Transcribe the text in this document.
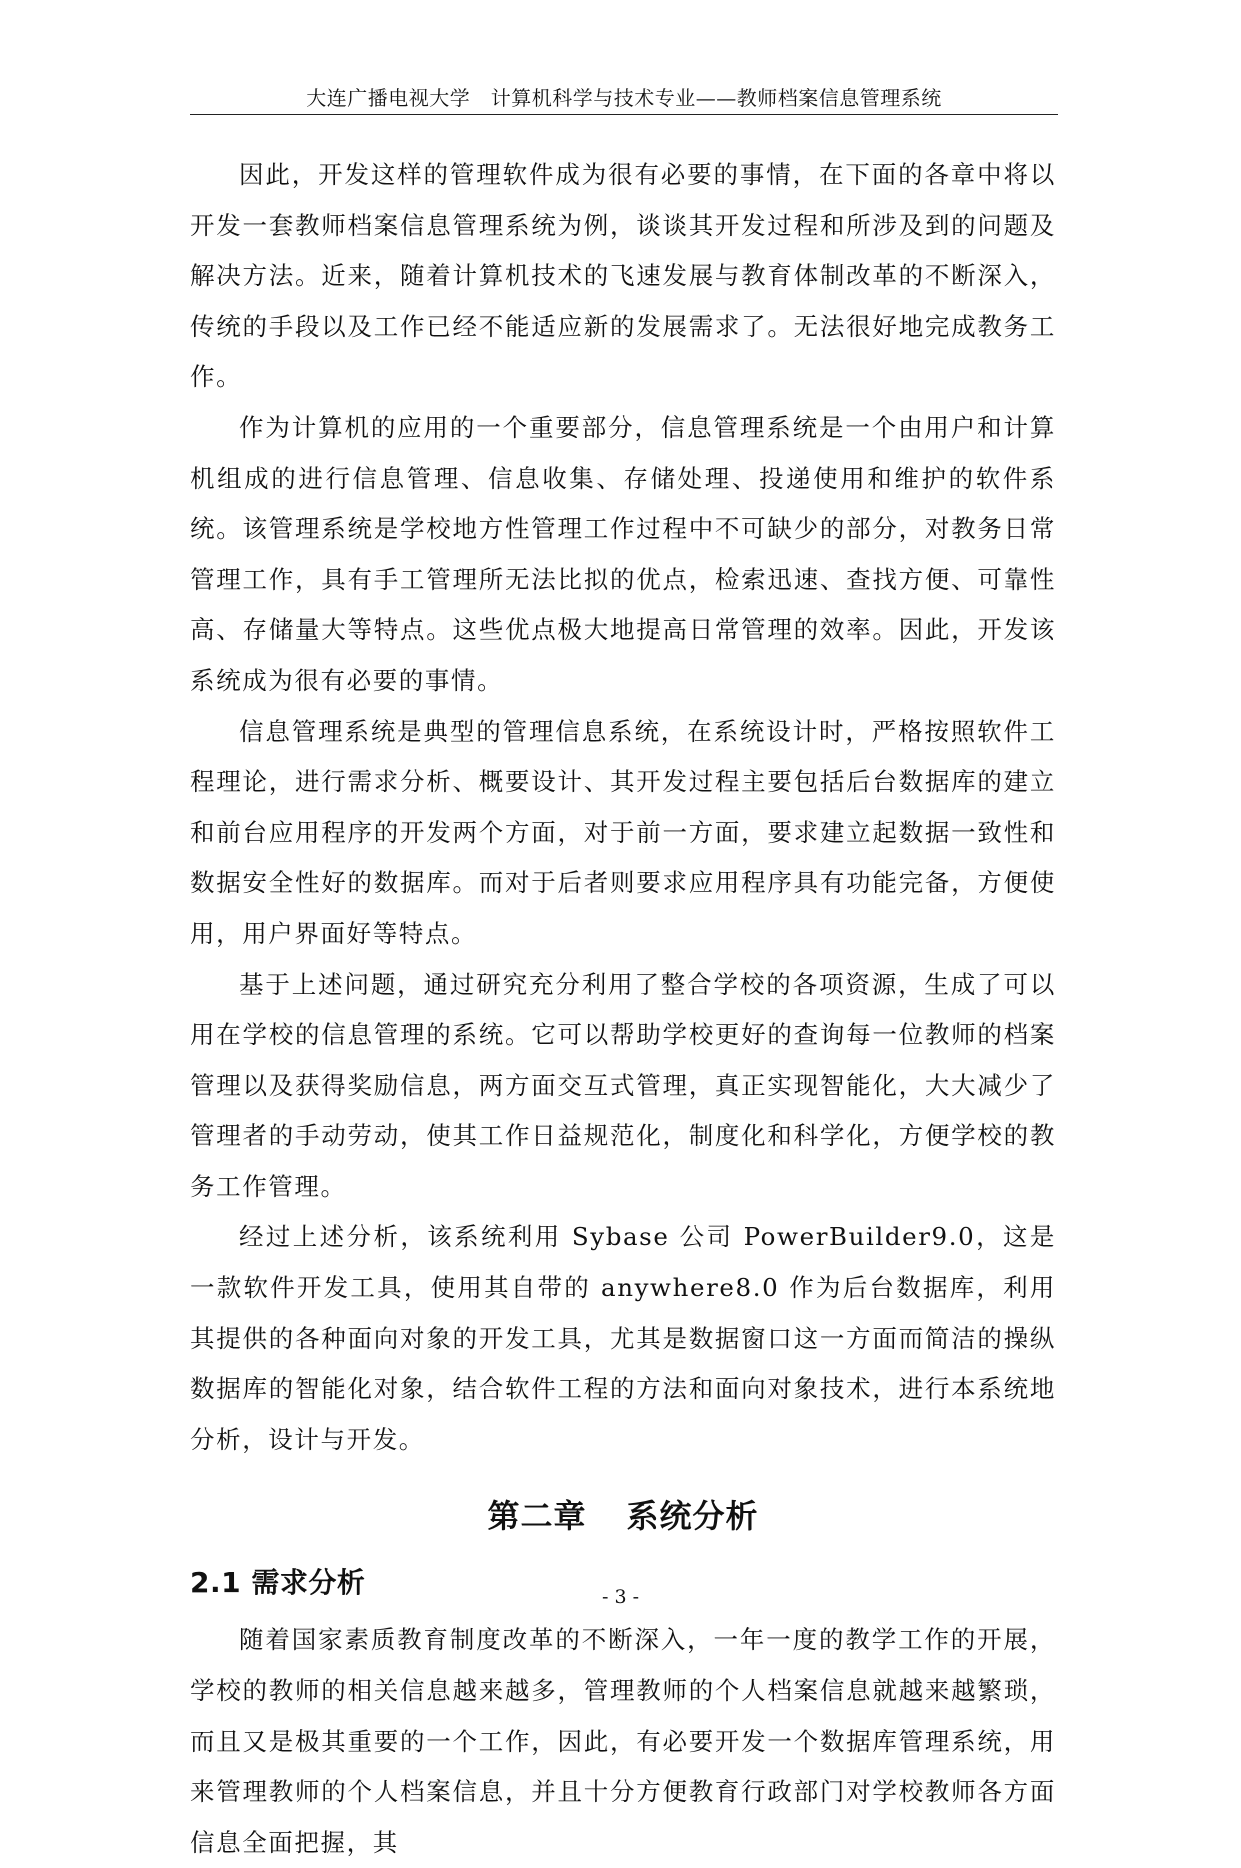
大连广播电视大学　计算机科学与技术专业——教师档案信息管理系统

因此，开发这样的管理软件成为很有必要的事情，在下面的各章中将以开发一套教师档案信息管理系统为例，谈谈其开发过程和所涉及到的问题及解决方法。近来，随着计算机技术的飞速发展与教育体制改革的不断深入，传统的手段以及工作已经不能适应新的发展需求了。无法很好地完成教务工作。

作为计算机的应用的一个重要部分，信息管理系统是一个由用户和计算机组成的进行信息管理、信息收集、存储处理、投递使用和维护的软件系统。该管理系统是学校地方性管理工作过程中不可缺少的部分，对教务日常管理工作，具有手工管理所无法比拟的优点，检索迅速、查找方便、可靠性高、存储量大等特点。这些优点极大地提高日常管理的效率。因此，开发该系统成为很有必要的事情。

信息管理系统是典型的管理信息系统，在系统设计时，严格按照软件工程理论，进行需求分析、概要设计、其开发过程主要包括后台数据库的建立和前台应用程序的开发两个方面，对于前一方面，要求建立起数据一致性和数据安全性好的数据库。而对于后者则要求应用程序具有功能完备，方便使用，用户界面好等特点。

基于上述问题，通过研究充分利用了整合学校的各项资源，生成了可以用在学校的信息管理的系统。它可以帮助学校更好的查询每一位教师的档案管理以及获得奖励信息，两方面交互式管理，真正实现智能化，大大减少了管理者的手动劳动，使其工作日益规范化，制度化和科学化，方便学校的教务工作管理。

经过上述分析，该系统利用 Sybase 公司 PowerBuilder9.0，这是一款软件开发工具，使用其自带的 anywhere8.0 作为后台数据库，利用其提供的各种面向对象的开发工具，尤其是数据窗口这一方面而简洁的操纵数据库的智能化对象，结合软件工程的方法和面向对象技术，进行本系统地分析，设计与开发。

第二章 系统分析
2.1 需求分析

随着国家素质教育制度改革的不断深入，一年一度的教学工作的开展，学校的教师的相关信息越来越多，管理教师的个人档案信息就越来越繁琐，而且又是极其重要的一个工作，因此，有必要开发一个数据库管理系统，用来管理教师的个人档案信息，并且十分方便教育行政部门对学校教师各方面信息全面把握，其

- 3 -
